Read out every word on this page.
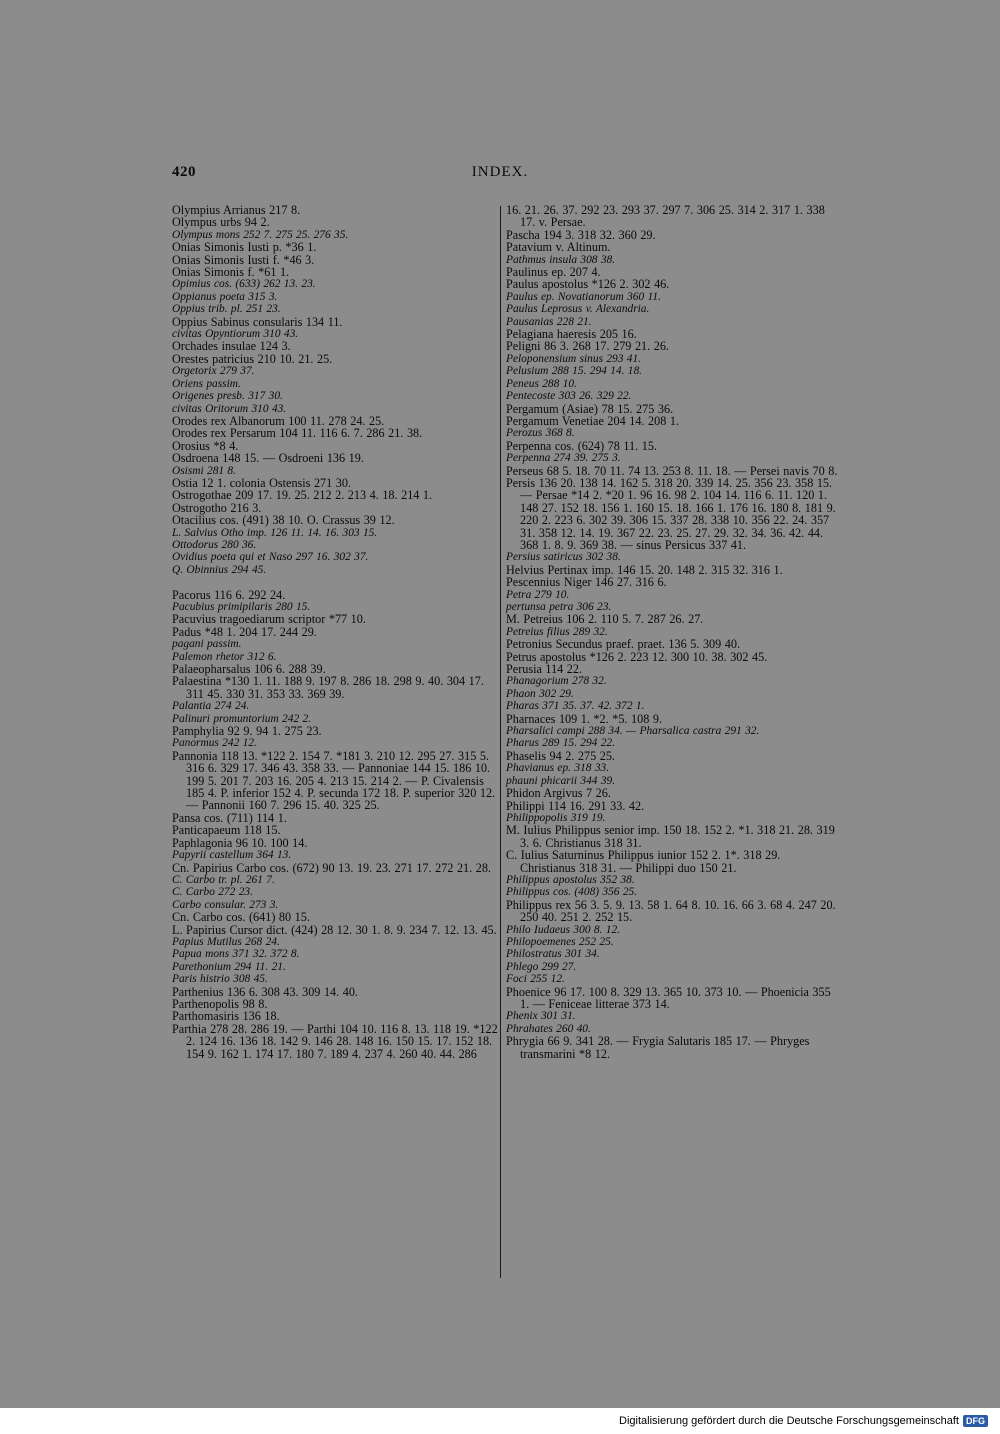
420	INDEX.
Olympius Arrianus 217 8.
Olympus urbs 94 2.
Olympus mons 252 7. 275 25. 276 35.
Onias Simonis Iusti p. *36 1.
Onias Simonis Iusti f. *46 3.
Onias Simonis f. *61 1.
Opimius cos. (633) 262 13. 23.
Oppianus poeta 315 3.
Oppius trib. pl. 251 23.
Oppius Sabinus consularis 134 11.
civitas Opyntiorum 310 43.
Orchades insulae 124 3.
Orestes patricius 210 10. 21. 25.
Orgetorix 279 37.
Oriens passim.
Origenes presb. 317 30.
civitas Oritorum 310 43.
Orodes rex Albanorum 100 11. 278 24. 25.
Orodes rex Persarum 104 11. 116 6. 7. 286 21. 38.
Orosius *8 4.
Osdroena 148 15. — Osdroeni 136 19.
Osismi 281 8.
Ostia 12 1. colonia Ostensis 271 30.
Ostrogothae 209 17. 19. 25. 212 2. 213 4. 18. 214 1.
Ostrogotho 216 3.
Otacilius cos. (491) 38 10. O. Crassus 39 12.
L. Salvius Otho imp. 126 11. 14. 16. 303 15.
Ottodorus 280 36.
Ovidius poeta qui et Naso 297 16. 302 37.
Q. Obinnius 294 45.
Pacorus 116 6. 292 24.
Pacubius primipilaris 280 15.
Pacuvius tragoediarum scriptor *77 10.
Padus *48 1. 204 17. 244 29.
pagani passim.
Palemon rhetor 312 6.
Palaeopharsalus 106 6. 288 39.
Palaestina *130 1. 11. 188 9. 197 8. 286 18. 298 9. 40. 304 17. 311 45. 330 31. 353 33. 369 39.
Palantia 274 24.
Palinuri promuntorium 242 2.
Pamphylia 92 9. 94 1. 275 23.
Panormus 242 12.
Pannonia 118 13. *122 2. 154 7. *181 3. 210 12. 295 27. 315 5. 316 6. 329 17. 346 43. 358 33. — Pannoniae 144 15. 186 10. 199 5. 201 7. 203 16. 205 4. 213 15. 214 2. — P. Civalensis 185 4. P. inferior 152 4. P. secunda 172 18. P. superior 320 12. — Pannonii 160 7. 296 15. 40. 325 25.
Pansa cos. (711) 114 1.
Panticapaeum 118 15.
Paphlagonia 96 10. 100 14.
Papyrii castellum 364 13.
Cn. Papirius Carbo cos. (672) 90 13. 19. 23. 271 17. 272 21. 28.
C. Carbo tr. pl. 261 7.
C. Carbo 272 23.
Carbo consular. 273 3.
Cn. Carbo cos. (641) 80 15.
L. Papirius Cursor dict. (424) 28 12. 30 1. 8. 9. 234 7. 12. 13. 45.
Papius Mutilus 268 24.
Papua mons 371 32. 372 8.
Parethonium 294 11. 21.
Paris histrio 308 45.
Parthenius 136 6. 308 43. 309 14. 40.
Parthenopolis 98 8.
Parthomasiris 136 18.
Parthia 278 28. 286 19. — Parthi 104 10. 116 8. 13. 118 19. *122 2. 124 16. 136 18. 142 9. 146 28. 148 16. 150 15. 17. 152 18. 154 9. 162 1. 174 17. 180 7. 189 4. 237 4. 260 40. 44. 286
16. 21. 26. 37. 292 23. 293 37. 297 7. 306 25. 314 2. 317 1. 338 17. v. Persae.
Pascha 194 3. 318 32. 360 29.
Patavium v. Altinum.
Pathmus insula 308 38.
Paulinus ep. 207 4.
Paulus apostolus *126 2. 302 46.
Paulus ep. Novatianorum 360 11.
Paulus Leprosus v. Alexandria.
Pausanias 228 21.
Pelagiana haeresis 205 16.
Peligni 86 3. 268 17. 279 21. 26.
Peloponensium sinus 293 41.
Pelusium 288 15. 294 14. 18.
Peneus 288 10.
Pentecoste 303 26. 329 22.
Pergamum (Asiae) 78 15. 275 36.
Pergamum Venetiae 204 14. 208 1.
Perozus 368 8.
Perpenna cos. (624) 78 11. 15.
Perpenna 274 39. 275 3.
Perseus 68 5. 18. 70 11. 74 13. 253 8. 11. 18. — Persei navis 70 8.
Persis 136 20. 138 14. 162 5. 318 20. 339 14. 25. 356 23. 358 15. — Persae *14 2. *20 1. 96 16. 98 2. 104 14. 116 6. 11. 120 1. 148 27. 152 18. 156 1. 160 15. 18. 166 1. 176 16. 180 8. 181 9. 220 2. 223 6. 302 39. 306 15. 337 28. 338 10. 356 22. 24. 357 31. 358 12. 14. 19. 367 22. 23. 25. 27. 29. 32. 34. 36. 42. 44. 368 1. 8. 9. 369 38. — sinus Persicus 337 41.
Persius satiricus 302 38.
Helvius Pertinax imp. 146 15. 20. 148 2. 315 32. 316 1.
Pescennius Niger 146 27. 316 6.
Petra 279 10.
pertunsa petra 306 23.
M. Petreius 106 2. 110 5. 7. 287 26. 27.
Petreius filius 289 32.
Petronius Secundus praef. praet. 136 5. 309 40.
Petrus apostolus *126 2. 223 12. 300 10. 38. 302 45.
Perusia 114 22.
Phanagorium 278 32.
Phaon 302 29.
Pharas 371 35. 37. 42. 372 1.
Pharnaces 109 1. *2. *5. 108 9.
Pharsalici campi 288 34. — Pharsalica castra 291 32.
Pharus 289 15. 294 22.
Phaselis 94 2. 275 25.
Phavianus ep. 318 33.
phauni phicarii 344 39.
Phidon Argivus 7 26.
Philippi 114 16. 291 33. 42.
Philippopolis 319 19.
M. Iulius Philippus senior imp. 150 18. 152 2. *1. 318 21. 28. 319 3. 6. Christianus 318 31.
C. Iulius Saturninus Philippus iunior 152 2. 1*. 318 29. Christianus 318 31. — Philippi duo 150 21.
Philippus apostolus 352 38.
Philippus cos. (408) 356 25.
Philippus rex 56 3. 5. 9. 13. 58 1. 64 8. 10. 16. 66 3. 68 4. 247 20. 250 40. 251 2. 252 15.
Philo Iudaeus 300 8. 12.
Philopoemenes 252 25.
Philostratus 301 34.
Phlego 299 27.
Foci 255 12.
Phoenice 96 17. 100 8. 329 13. 365 10. 373 10. — Phoenicia 355 1. — Feniceae litterae 373 14.
Phenix 301 31.
Phrahates 260 40.
Phrygia 66 9. 341 28. — Frygia Salutaris 185 17. — Phryges transmarini *8 12.
Digitalisierung gefördert durch die Deutsche Forschungsgemeinschaft DFG
